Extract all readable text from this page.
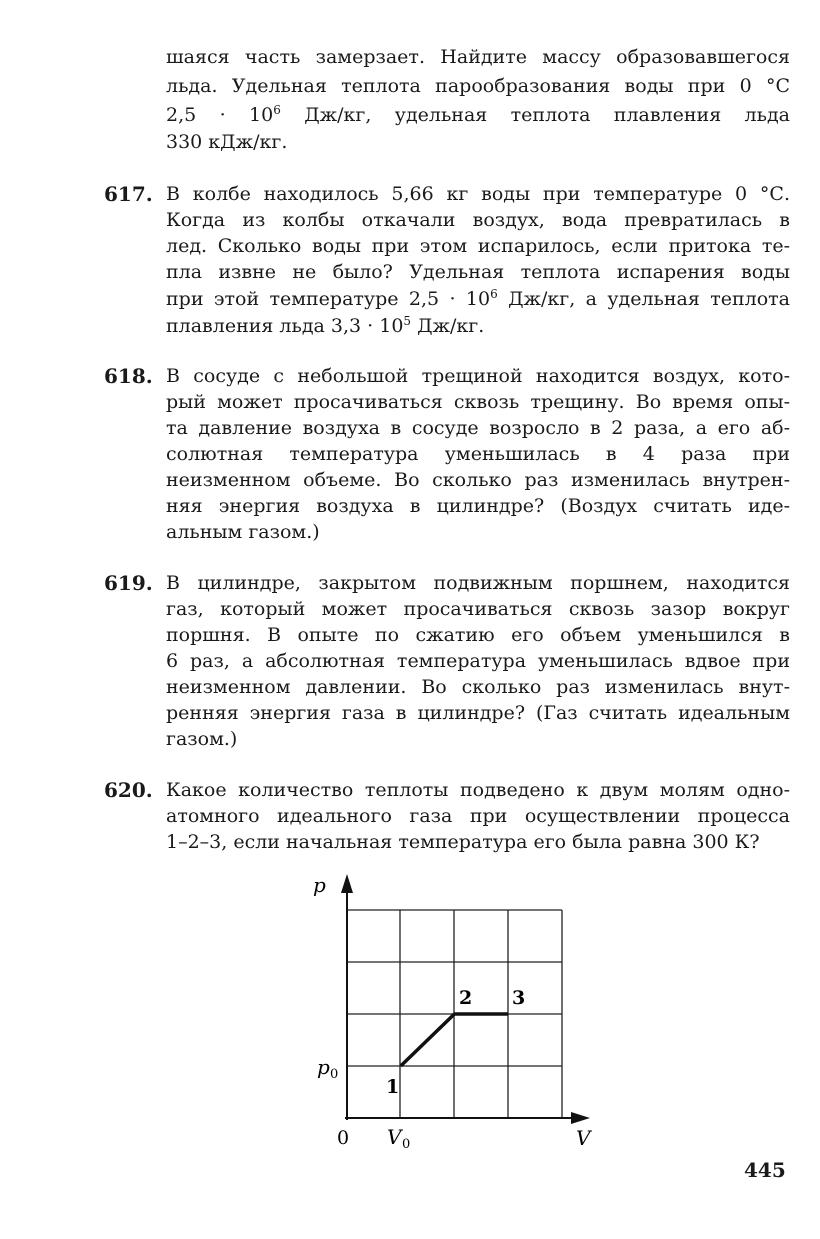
шаяся часть замерзает. Найдите массу образовавшегося
льда. Удельная теплота парообразования воды при 0 °С
$2,5 \cdot 10^6$ Дж/кг, удельная теплота плавления льда
330 кДж/кг.
617. В колбе находилось 5,66 кг воды при температуре 0 °С.
Когда из колбы откачали воздух, вода превратилась в
лед. Сколько воды при этом испарилось, если притока те-
пла извне не было? Удельная теплота испарения воды
при этой температуре $2,5 \cdot 10^6$ Дж/кг, а удельная теплота
плавления льда $3,3 \cdot 10^5$ Дж/кг.
618. В сосуде с небольшой трещиной находится воздух, кото-
рый может просачиваться сквозь трещину. Во время опы-
та давление воздуха в сосуде возросло в 2 раза, а его аб-
солютная температура уменьшилась в 4 раза при
неизменном объеме. Во сколько раз изменилась внутрен-
няя энергия воздуха в цилиндре? (Воздух считать иде-
альным газом.)
619. В цилиндре, закрытом подвижным поршнем, находится
газ, который может просачиваться сквозь зазор вокруг
поршня. В опыте по сжатию его объем уменьшился в
6 раз, а абсолютная температура уменьшилась вдвое при
неизменном давлении. Во сколько раз изменилась внут-
ренняя энергия газа в цилиндре? (Газ считать идеальным
газом.)
620. Какое количество теплоты подведено к двум молям одно-
атомного идеального газа при осуществлении процесса
1–2–3, если начальная температура его была равна 300 К?
p
V
0
p 0
V 0
1
2 3
445
